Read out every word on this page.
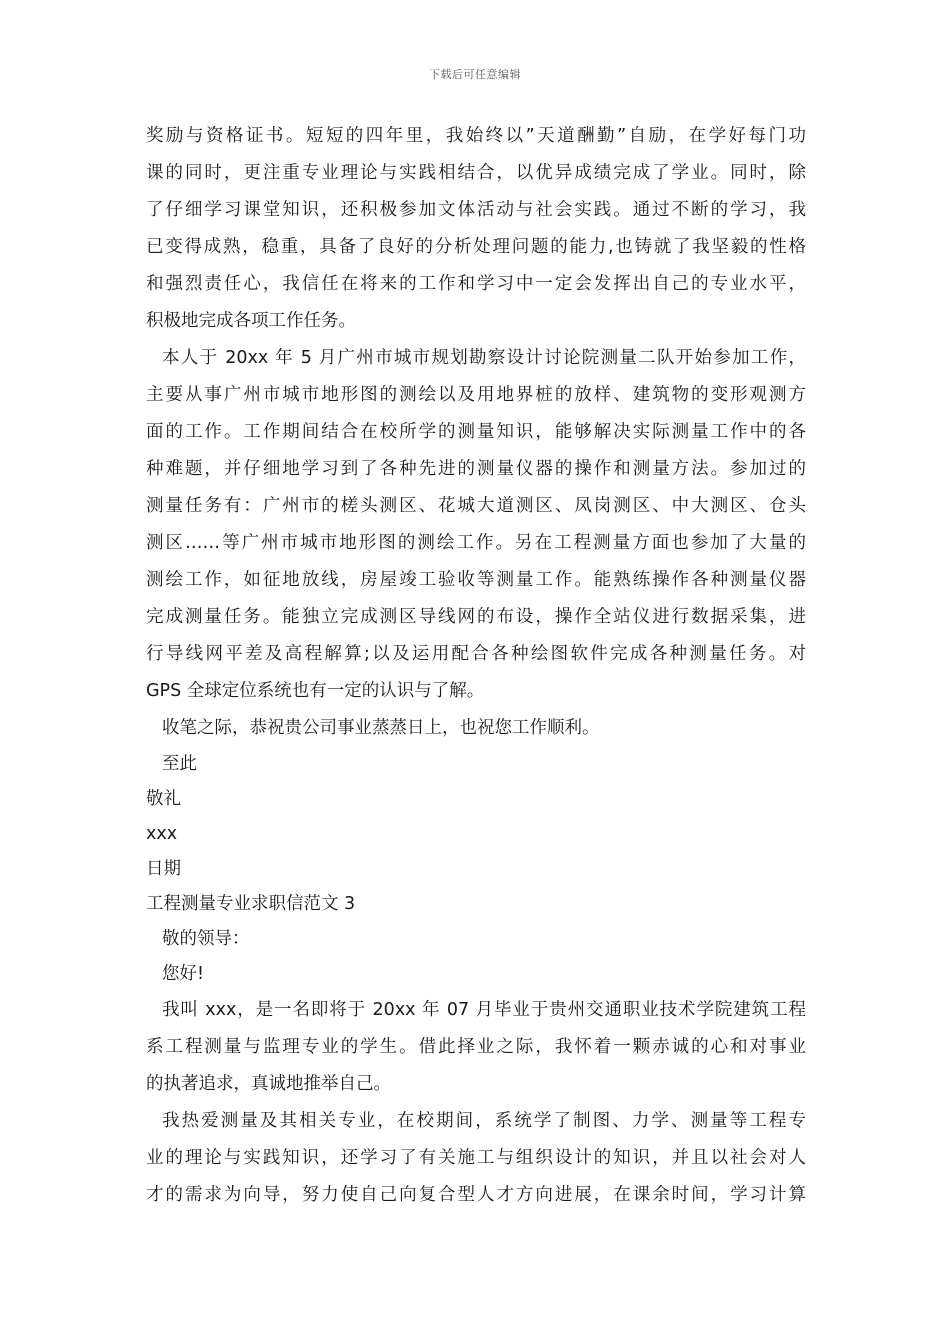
下载后可任意编辑
奖励与资格证书。短短的四年里，我始终以”天道酬勤”自励，在学好每门功
课的同时，更注重专业理论与实践相结合，以优异成绩完成了学业。同时，除
了仔细学习课堂知识，还积极参加文体活动与社会实践。通过不断的学习，我
已变得成熟，稳重，具备了良好的分析处理问题的能力,也铸就了我坚毅的性格
和强烈责任心，我信任在将来的工作和学习中一定会发挥出自己的专业水平，
积极地完成各项工作任务。
本人于 20xx 年 5 月广州市城市规划勘察设计讨论院测量二队开始参加工作，
主要从事广州市城市地形图的测绘以及用地界桩的放样、建筑物的变形观测方
面的工作。工作期间结合在校所学的测量知识，能够解决实际测量工作中的各
种难题，并仔细地学习到了各种先进的测量仪器的操作和测量方法。参加过的
测量任务有：广州市的槎头测区、花城大道测区、凤岗测区、中大测区、仓头
测区……等广州市城市地形图的测绘工作。另在工程测量方面也参加了大量的
测绘工作，如征地放线，房屋竣工验收等测量工作。能熟练操作各种测量仪器
完成测量任务。能独立完成测区导线网的布设，操作全站仪进行数据采集，进
行导线网平差及高程解算;以及运用配合各种绘图软件完成各种测量任务。对
GPS 全球定位系统也有一定的认识与了解。
收笔之际，恭祝贵公司事业蒸蒸日上，也祝您工作顺利。
至此
敬礼
xxx
日期
工程测量专业求职信范文 3
敬的领导：
您好!
我叫 xxx，是一名即将于 20xx 年 07 月毕业于贵州交通职业技术学院建筑工程
系工程测量与监理专业的学生。借此择业之际，我怀着一颗赤诚的心和对事业
的执著追求，真诚地推举自己。
我热爱测量及其相关专业，在校期间，系统学了制图、力学、测量等工程专
业的理论与实践知识，还学习了有关施工与组织设计的知识，并且以社会对人
才的需求为向导，努力使自己向复合型人才方向进展，在课余时间，学习计算
